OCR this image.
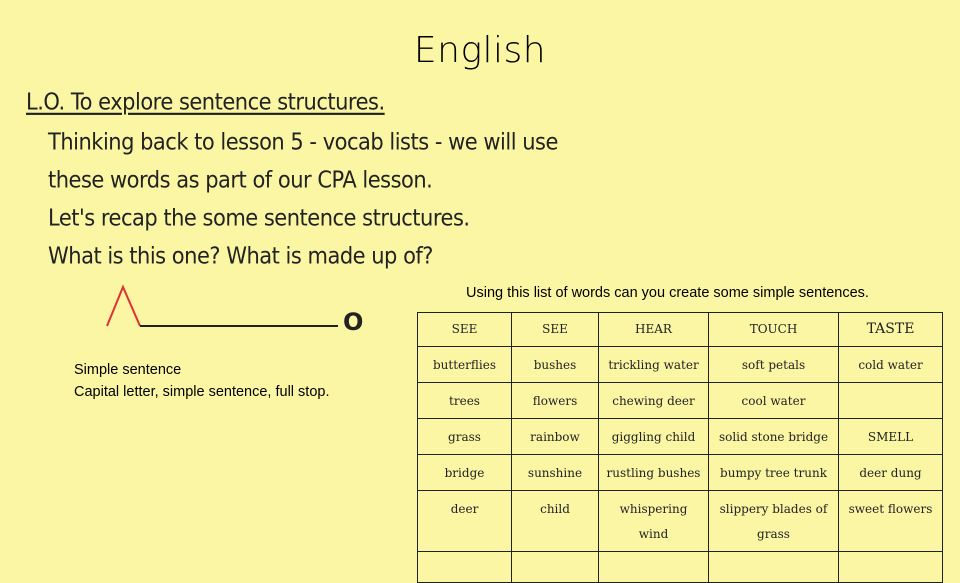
English

L.O. To explore sentence structures.

Thinking back to lesson 5 - vocab lists - we will use

these words as part of our CPA lesson.

Let's recap the some sentence structures.

What is this one? What is made up of?

O
Simple sentence
Capital letter, simple sentence, full stop.
Using this list of words can you create some simple sentences.
SEE	SEE	HEAR	TOUCH	TASTE
butterflies	bushes	trickling water	soft petals	cold water
trees	flowers	chewing deer	cool water	
grass	rainbow	giggling child	solid stone bridge	SMELL
bridge	sunshine	rustling bushes	bumpy tree trunk	deer dung
deer	child	whispering wind	slippery blades of grass	sweet flowers
